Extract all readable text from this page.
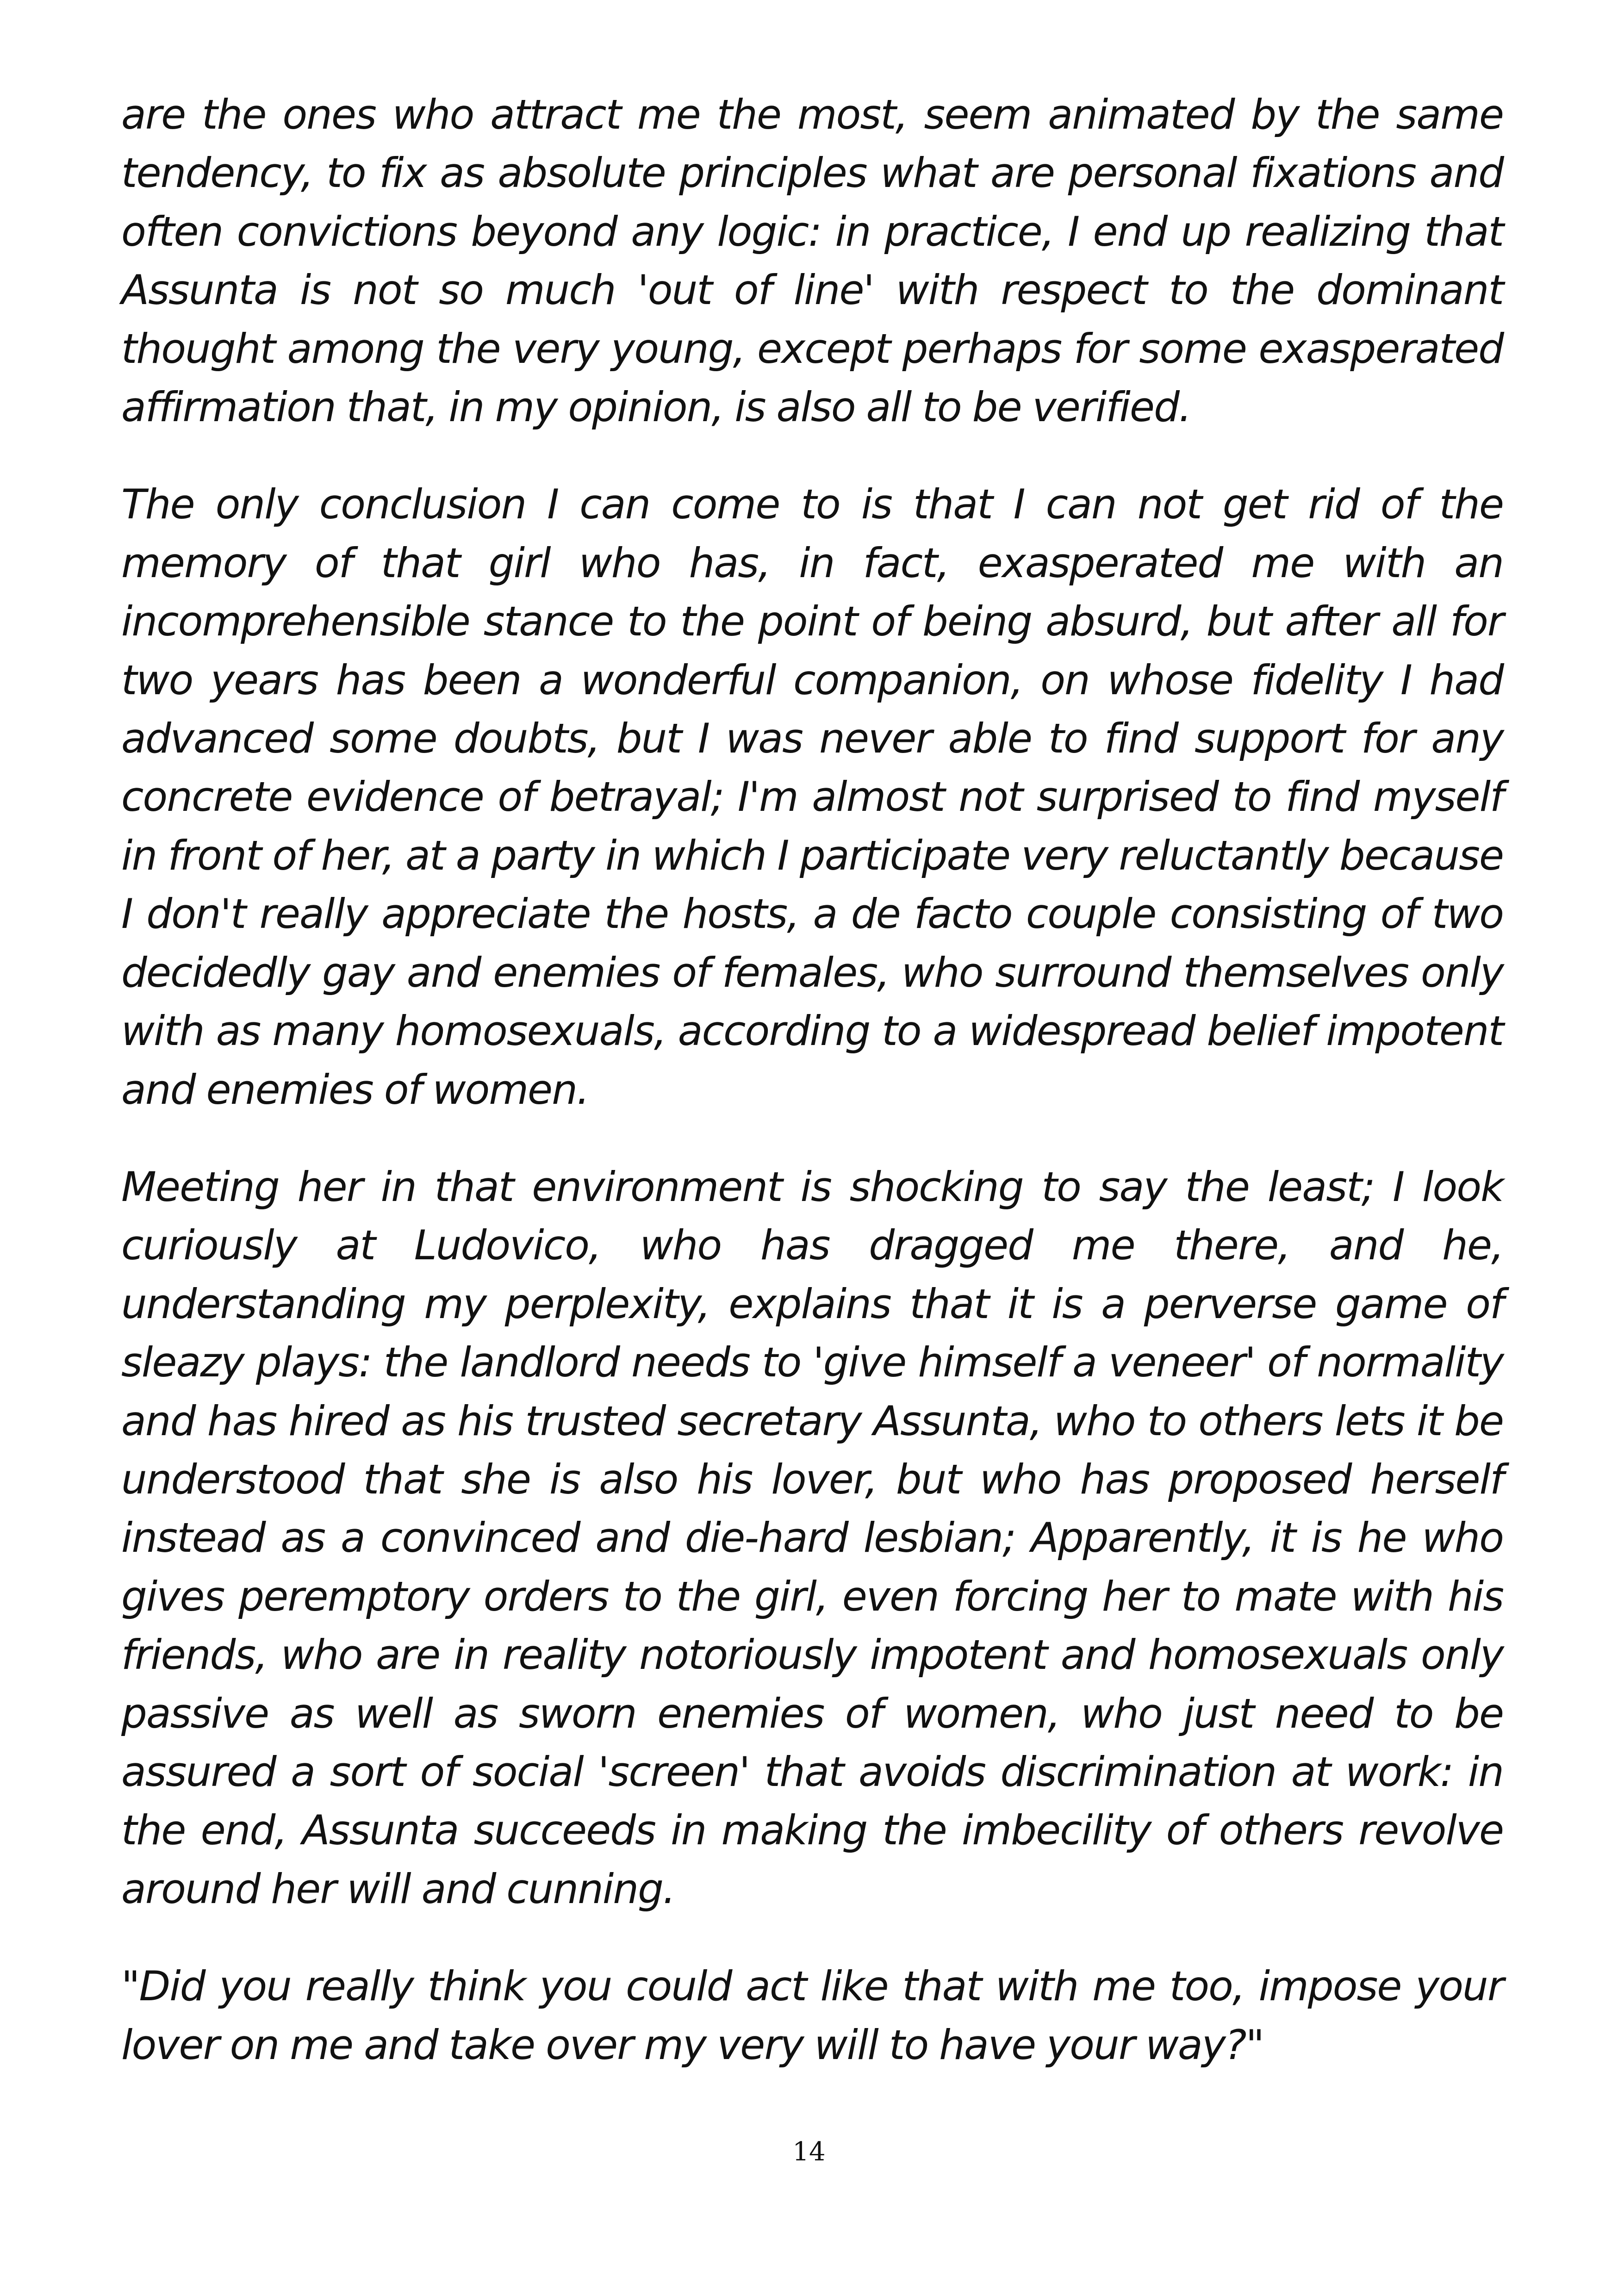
are the ones who attract me the most, seem animated by the same tendency, to fix as absolute principles what are personal fixations and often convictions beyond any logic: in practice, I end up realizing that Assunta is not so much 'out of line' with respect to the dominant thought among the very young, except perhaps for some exasperated affirmation that, in my opinion, is also all to be verified.

The only conclusion I can come to is that I can not get rid of the memory of that girl who has, in fact, exasperated me with an incomprehensible stance to the point of being absurd, but after all for two years has been a wonderful companion, on whose fidelity I had advanced some doubts, but I was never able to find support for any concrete evidence of betrayal; I'm almost not surprised to find myself in front of her, at a party in which I participate very reluctantly because I don't really appreciate the hosts, a de facto couple consisting of two decidedly gay and enemies of females, who surround themselves only with as many homosexuals, according to a widespread belief impotent and enemies of women.

Meeting her in that environment is shocking to say the least; I look curiously at Ludovico, who has dragged me there, and he, understanding my perplexity, explains that it is a perverse game of sleazy plays: the landlord needs to 'give himself a veneer' of normality and has hired as his trusted secretary Assunta, who to others lets it be understood that she is also his lover, but who has proposed herself instead as a convinced and die-hard lesbian; Apparently, it is he who gives peremptory orders to the girl, even forcing her to mate with his friends, who are in reality notoriously impotent and homosexuals only passive as well as sworn enemies of women, who just need to be assured a sort of social 'screen' that avoids discrimination at work: in the end, Assunta succeeds in making the imbecility of others revolve around her will and cunning.

"Did you really think you could act like that with me too, impose your lover on me and take over my very will to have your way?"

14
